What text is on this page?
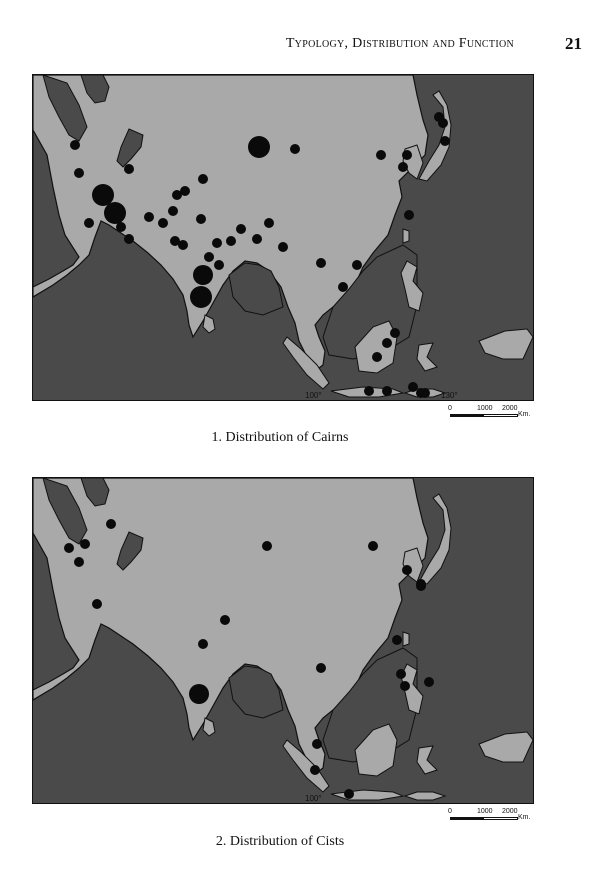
Typology, Distribution and Function	21
100°	130°
0	1000 2000
Km.
1. Distribution of Cairns
100°
0	1000 2000
Km.
2. Distribution of Cists
